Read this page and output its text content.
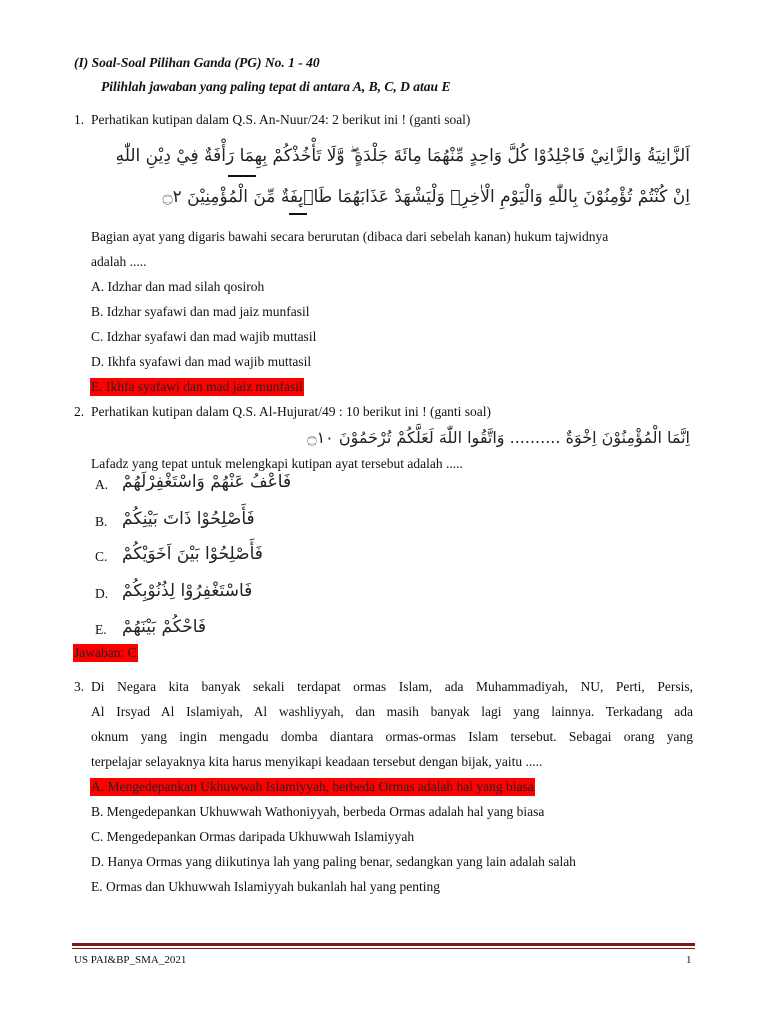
(I) Soal-Soal Pilihan Ganda (PG) No. 1 - 40
Pilihlah jawaban yang paling tepat di antara A, B, C, D atau E
1. Perhatikan kutipan dalam Q.S. An-Nuur/24: 2 berikut ini ! (ganti soal)
اَلزَّانِيَةُ وَالزَّانِيْ فَاجْلِدُوْا كُلَّ وَاحِدٍ مِّنْهُمَا مِائَةَ جَلْدَةٍ ۖ وَّلَا تَأْخُذْكُمْ بِهِمَا رَأْفَةٌ فِيْ دِيْنِ اللّٰهِ
اِنْ كُنْتُمْ تُؤْمِنُوْنَ بِاللّٰهِ وَالْيَوْمِ الْاٰخِرِۚ وَلْيَشْهَدْ عَذَابَهُمَا طَاۤىِٕفَةٌ مِّنَ الْمُؤْمِنِيْنَ ۝٢
Bagian ayat yang digaris bawahi secara berurutan (dibaca dari sebelah kanan) hukum tajwidnya
adalah .....
A. Idzhar dan mad silah qosiroh
B. Idzhar syafawi dan mad jaiz munfasil
C. Idzhar syafawi dan mad wajib muttasil
D. Ikhfa syafawi dan mad wajib muttasil
E. Ikhfa syafawi dan mad jaiz munfasil
2. Perhatikan kutipan dalam Q.S. Al-Hujurat/49 : 10 berikut ini ! (ganti soal)
اِنَّمَا الْمُؤْمِنُوْنَ اِخْوَةٌ .......... وَاتَّقُوا اللّٰهَ لَعَلَّكُمْ تُرْحَمُوْنَ ۝١٠
Lafadz yang tepat untuk melengkapi kutipan ayat tersebut adalah .....
A. فَاعْفُ عَنْهُمْ وَاسْتَغْفِرْلَهُمْ
B. فَأَصْلِحُوْا ذَاتَ بَيْنِكُمْ
C. فَأَصْلِحُوْا بَيْنَ اَخَوَيْكُمْ
D. فَاسْتَغْفِرُوْا لِذُنُوْبِكُمْ
E. فَاحْكُمْ بَيْنَهُمْ
Jawaban: C
3. Di Negara kita banyak sekali terdapat ormas Islam, ada Muhammadiyah, NU, Perti, Persis,
Al Irsyad Al Islamiyah, Al washliyyah, dan masih banyak lagi yang lainnya. Terkadang ada
oknum yang ingin mengadu domba diantara ormas-ormas Islam tersebut. Sebagai orang yang
terpelajar selayaknya kita harus menyikapi keadaan tersebut dengan bijak, yaitu .....
A. Mengedepankan Ukhuwwah Islamiyyah, berbeda Ormas adalah hal yang biasa
B. Mengedepankan Ukhuwwah Wathoniyyah, berbeda Ormas adalah hal yang biasa
C. Mengedepankan Ormas daripada Ukhuwwah Islamiyyah
D. Hanya Ormas yang diikutinya lah yang paling benar, sedangkan yang lain adalah salah
E. Ormas dan Ukhuwwah Islamiyyah bukanlah hal yang penting
US PAI&BP_SMA_2021	1
